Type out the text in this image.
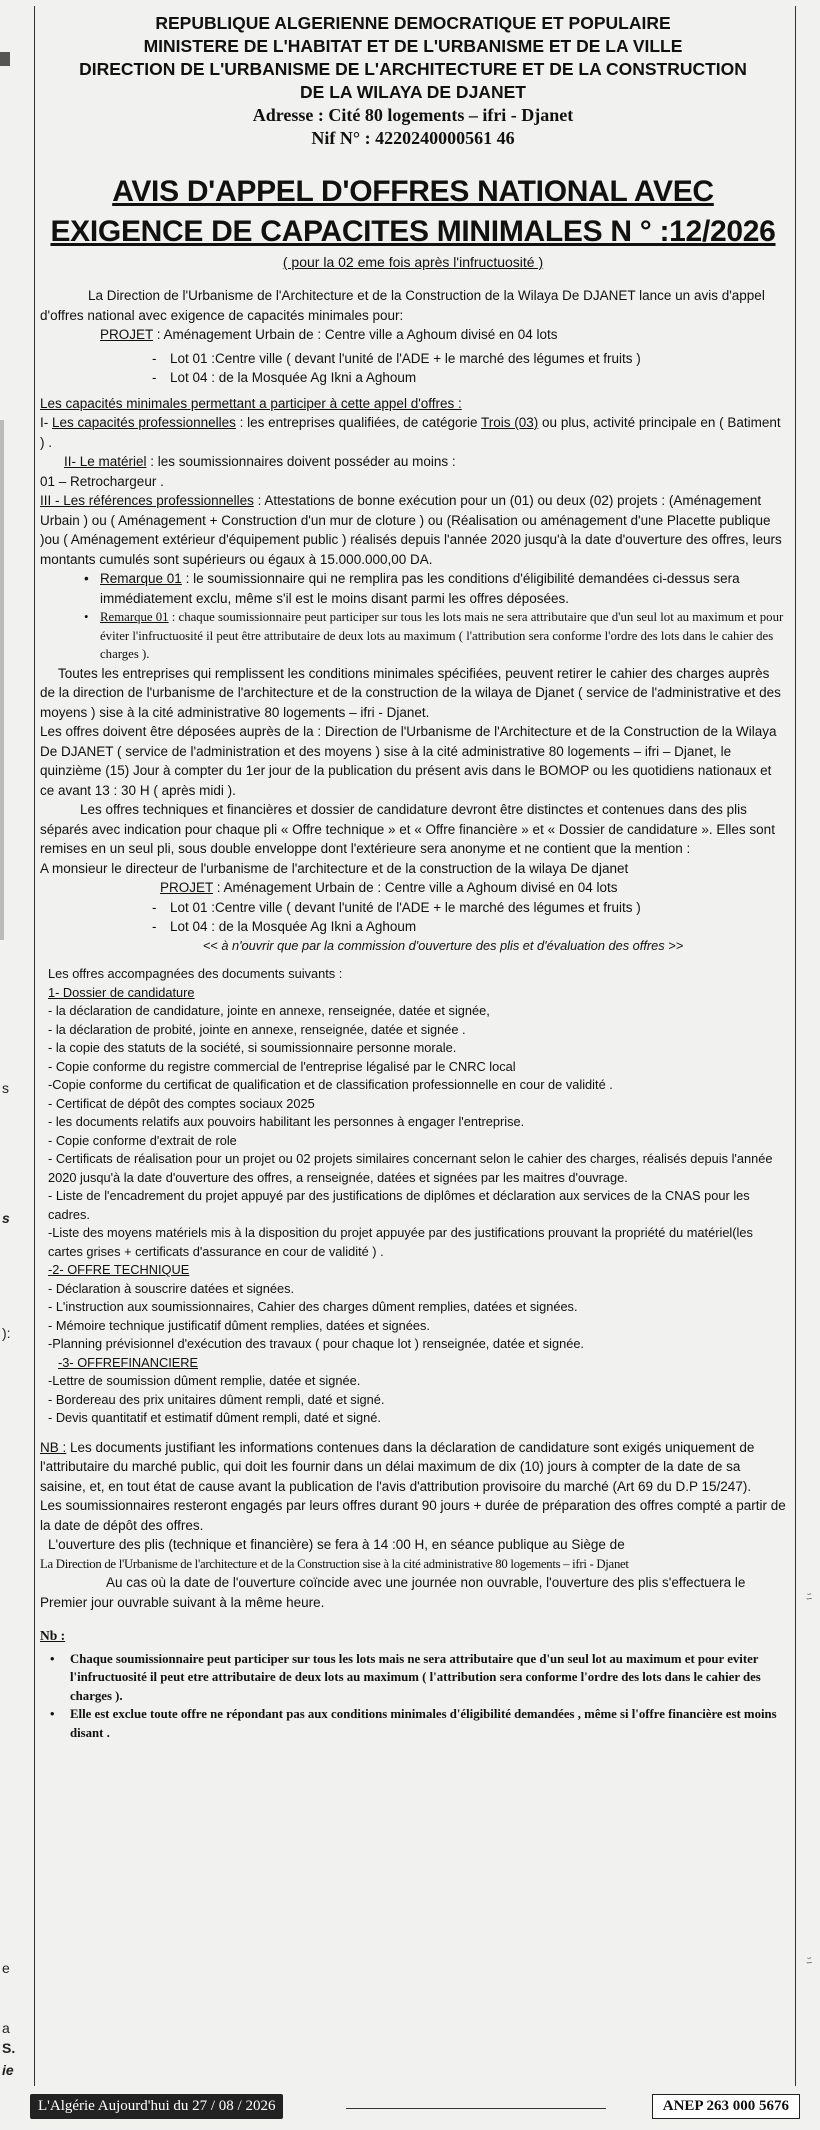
s
s
):
e
a
S.
ie
REPUBLIQUE ALGERIENNE DEMOCRATIQUE ET POPULAIRE
MINISTERE DE L'HABITAT ET DE L'URBANISME ET DE LA VILLE
DIRECTION DE L'URBANISME DE L'ARCHITECTURE ET DE LA CONSTRUCTION
DE LA WILAYA DE DJANET
Adresse : Cité 80 logements – ifri - Djanet
Nif N° : 4220240000561 46
AVIS D'APPEL D'OFFRES NATIONAL AVEC
EXIGENCE DE CAPACITES MINIMALES N ° :12/2026
( pour la 02 eme fois après l'infructuosité )

La Direction de l'Urbanisme de l'Architecture et de la Construction de la Wilaya De DJANET lance un avis d'appel d'offres national avec exigence de capacités minimales pour:

PROJET : Aménagement Urbain de : Centre ville a Aghoum divisé en 04 lots

- Lot 01 :Centre ville ( devant l'unité de l'ADE + le marché des légumes et fruits )

- Lot 04 : de la Mosquée Ag Ikni a Aghoum

Les capacités minimales permettant a participer à cette appel d'offres :

I- Les capacités professionnelles : les entreprises qualifiées, de catégorie Trois (03) ou plus, activité principale en ( Batiment ) .

II- Le matériel : les soumissionnaires doivent posséder au moins :

01 – Retrochargeur .

III - Les références professionnelles : Attestations de bonne exécution pour un (01) ou deux (02) projets : (Aménagement Urbain ) ou ( Aménagement + Construction d'un mur de cloture ) ou (Réalisation ou aménagement d'une Placette publique )ou ( Aménagement extérieur d'équipement public ) réalisés depuis l'année 2020 jusqu'à la date d'ouverture des offres, leurs montants cumulés sont supérieurs ou égaux à 15.000.000,00 DA.

• Remarque 01 : le soumissionnaire qui ne remplira pas les conditions d'éligibilité demandées ci-dessus sera immédiatement exclu, même s'il est le moins disant parmi les offres déposées.

• Remarque 01 : chaque soumissionnaire peut participer sur tous les lots mais ne sera attributaire que d'un seul lot au maximum et pour éviter l'infructuosité il peut être attributaire de deux lots au maximum ( l'attribution sera conforme l'ordre des lots dans le cahier des charges ).

Toutes les entreprises qui remplissent les conditions minimales spécifiées, peuvent retirer le cahier des charges auprès de la direction de l'urbanisme de l'architecture et de la construction de la wilaya de Djanet ( service de l'administrative et des moyens ) sise à la cité administrative 80 logements – ifri - Djanet.

Les offres doivent être déposées auprès de la : Direction de l'Urbanisme de l'Architecture et de la Construction de la Wilaya De DJANET ( service de l'administration et des moyens ) sise à la cité administrative 80 logements – ifri – Djanet, le quinzième (15) Jour à compter du 1er jour de la publication du présent avis dans le BOMOP ou les quotidiens nationaux et ce avant 13 : 30 H ( après midi ).

Les offres techniques et financières et dossier de candidature devront être distinctes et contenues dans des plis séparés avec indication pour chaque pli « Offre technique » et « Offre financière » et « Dossier de candidature ». Elles sont remises en un seul pli, sous double enveloppe dont l'extérieure sera anonyme et ne contient que la mention :

A monsieur le directeur de l'urbanisme de l'architecture et de la construction de la wilaya De djanet

PROJET : Aménagement Urbain de : Centre ville a Aghoum divisé en 04 lots

- Lot 01 :Centre ville ( devant l'unité de l'ADE + le marché des légumes et fruits )

- Lot 04 : de la Mosquée Ag Ikni a Aghoum

<< à n'ouvrir que par la commission d'ouverture des plis et d'évaluation des offres >>

Les offres accompagnées des documents suivants :

1- Dossier de candidature

- la déclaration de candidature, jointe en annexe, renseignée, datée et signée,

- la déclaration de probité, jointe en annexe, renseignée, datée et signée .

- la copie des statuts de la société, si soumissionnaire personne morale.

- Copie conforme du registre commercial de l'entreprise légalisé par le CNRC local

-Copie conforme du certificat de qualification et de classification professionnelle en cour de validité .

- Certificat de dépôt des comptes sociaux 2025

- les documents relatifs aux pouvoirs habilitant les personnes à engager l'entreprise.

- Copie conforme d'extrait de role

- Certificats de réalisation pour un projet ou 02 projets similaires concernant selon le cahier des charges, réalisés depuis l'année 2020 jusqu'à la date d'ouverture des offres, a renseignée, datées et signées par les maitres d'ouvrage.

- Liste de l'encadrement du projet appuyé par des justifications de diplômes et déclaration aux services de la CNAS pour les cadres.

-Liste des moyens matériels mis à la disposition du projet appuyée par des justifications prouvant la propriété du matériel(les cartes grises + certificats d'assurance en cour de validité ) .

-2- OFFRE TECHNIQUE

- Déclaration à souscrire datées et signées.

- L'instruction aux soumissionnaires, Cahier des charges dûment remplies, datées et signées.

- Mémoire technique justificatif dûment remplies, datées et signées.

-Planning prévisionnel d'exécution des travaux ( pour chaque lot ) renseignée, datée et signée.

-3- OFFREFINANCIERE

-Lettre de soumission dûment remplie, datée et signée.

- Bordereau des prix unitaires dûment rempli, daté et signé.

- Devis quantitatif et estimatif dûment rempli, daté et signé.

NB : Les documents justifiant les informations contenues dans la déclaration de candidature sont exigés uniquement de l'attributaire du marché public, qui doit les fournir dans un délai maximum de dix (10) jours à compter de la date de sa saisine, et, en tout état de cause avant la publication de l'avis d'attribution provisoire du marché (Art 69 du D.P 15/247).

Les soumissionnaires resteront engagés par leurs offres durant 90 jours + durée de préparation des offres compté a partir de la date de dépôt des offres.

L'ouverture des plis (technique et financière) se fera à 14 :00 H, en séance publique au Siège de

La Direction de l'Urbanisme de l'architecture et de la Construction sise à la cité administrative 80 logements – ifri - Djanet

Au cas où la date de l'ouverture coïncide avec une journée non ouvrable, l'ouverture des plis s'effectuera le Premier jour ouvrable suivant à la même heure.

Nb :

• Chaque soumissionnaire peut participer sur tous les lots mais ne sera attributaire que d'un seul lot au maximum et pour eviter l'infructuosité il peut etre attributaire de deux lots au maximum ( l'attribution sera conforme l'ordre des lots dans le cahier des charges ).

• Elle est exclue toute offre ne répondant pas aux conditions minimales d'éligibilité demandées , même si l'offre financière est moins disant .

ﾆ
ﾆ
L'Algérie Aujourd'hui du 27 / 08 / 2026	ANEP 263 000 5676
